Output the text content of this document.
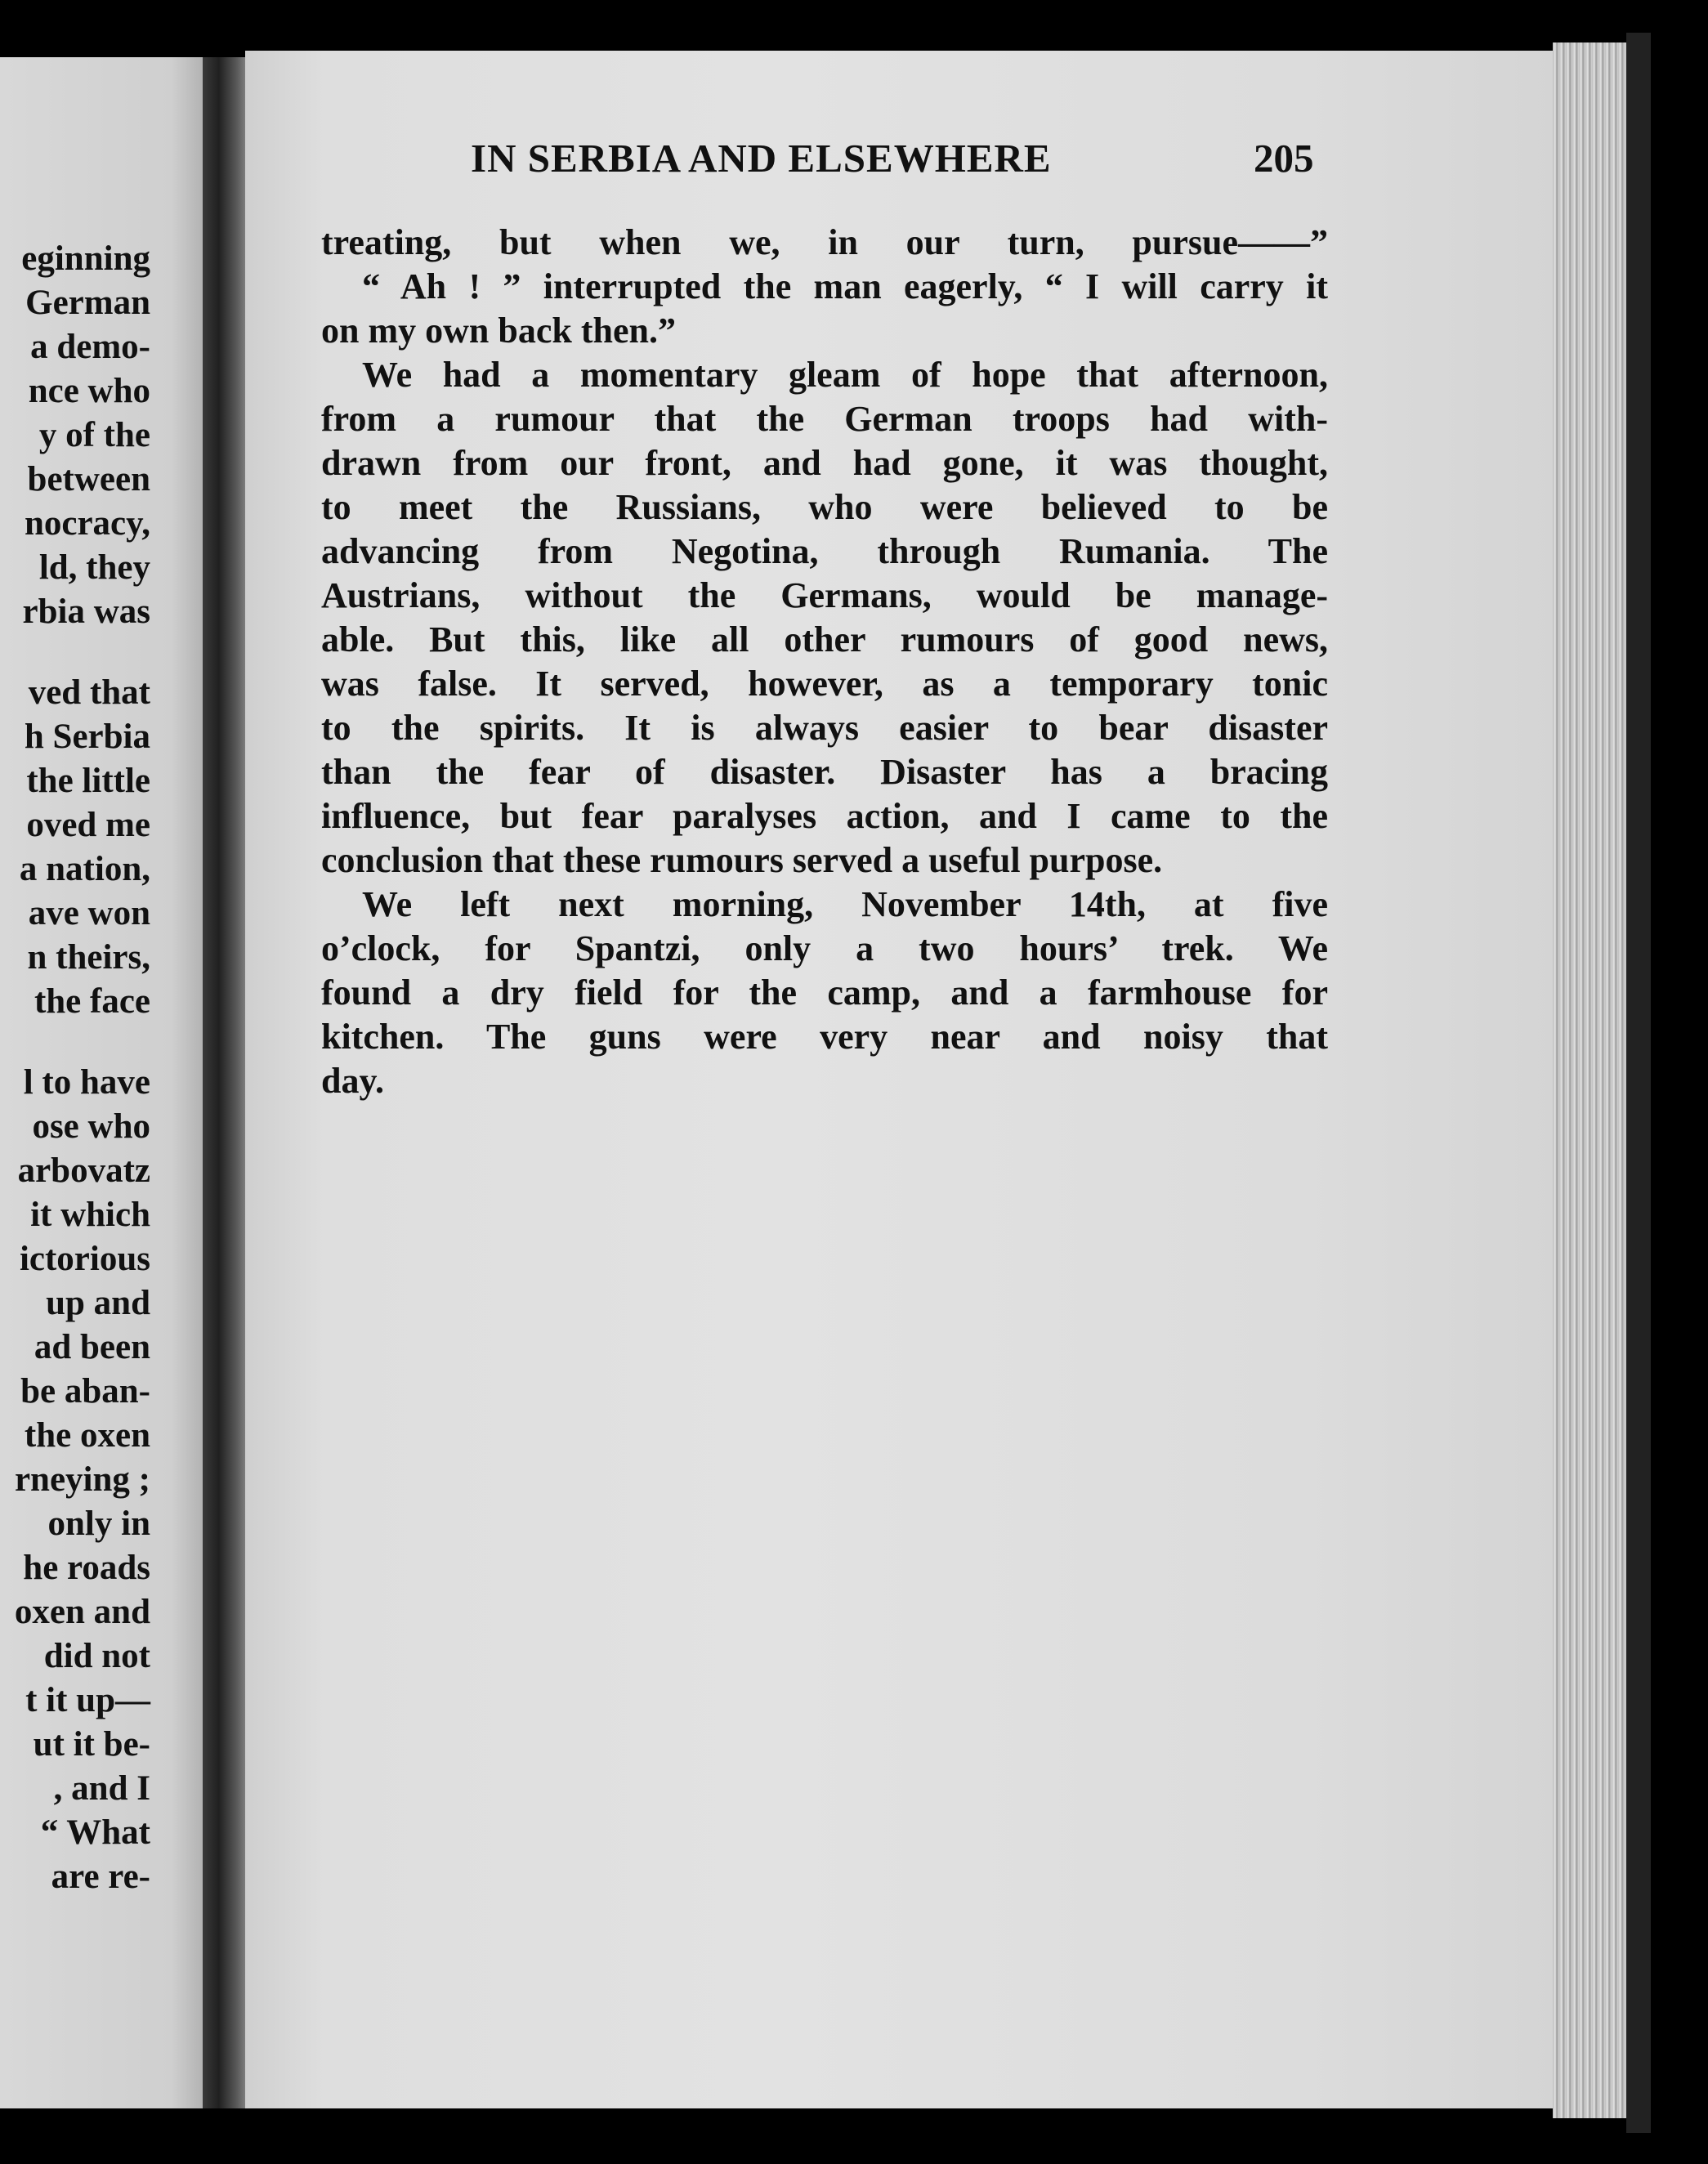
eginning
German
a demo-
nce who
y of the
between
nocracy,
ld, they
rbia was
ved that
h Serbia
the little
oved me
a nation,
ave won
n theirs,
the face
l to have
ose who
arbovatz
it which
ictorious
up and
ad been
be aban-
the oxen
rneying ;
only in
he roads
oxen and
did not
t it up—
ut it be-
, and I
“ What
are re-
IN SERBIA AND ELSEWHERE	205
treating, but when we, in our turn, pursue——”
“ Ah ! ” interrupted the man eagerly, “ I will carry it
on my own back then.”
We had a momentary gleam of hope that afternoon,
from a rumour that the German troops had with-
drawn from our front, and had gone, it was thought,
to meet the Russians, who were believed to be
advancing from Negotina, through Rumania. The
Austrians, without the Germans, would be manage-
able. But this, like all other rumours of good news,
was false. It served, however, as a temporary tonic
to the spirits. It is always easier to bear disaster
than the fear of disaster. Disaster has a bracing
influence, but fear paralyses action, and I came to the
conclusion that these rumours served a useful purpose.
We left next morning, November 14th, at five
o’clock, for Spantzi, only a two hours’ trek. We
found a dry field for the camp, and a farmhouse for
kitchen. The guns were very near and noisy that
day.
